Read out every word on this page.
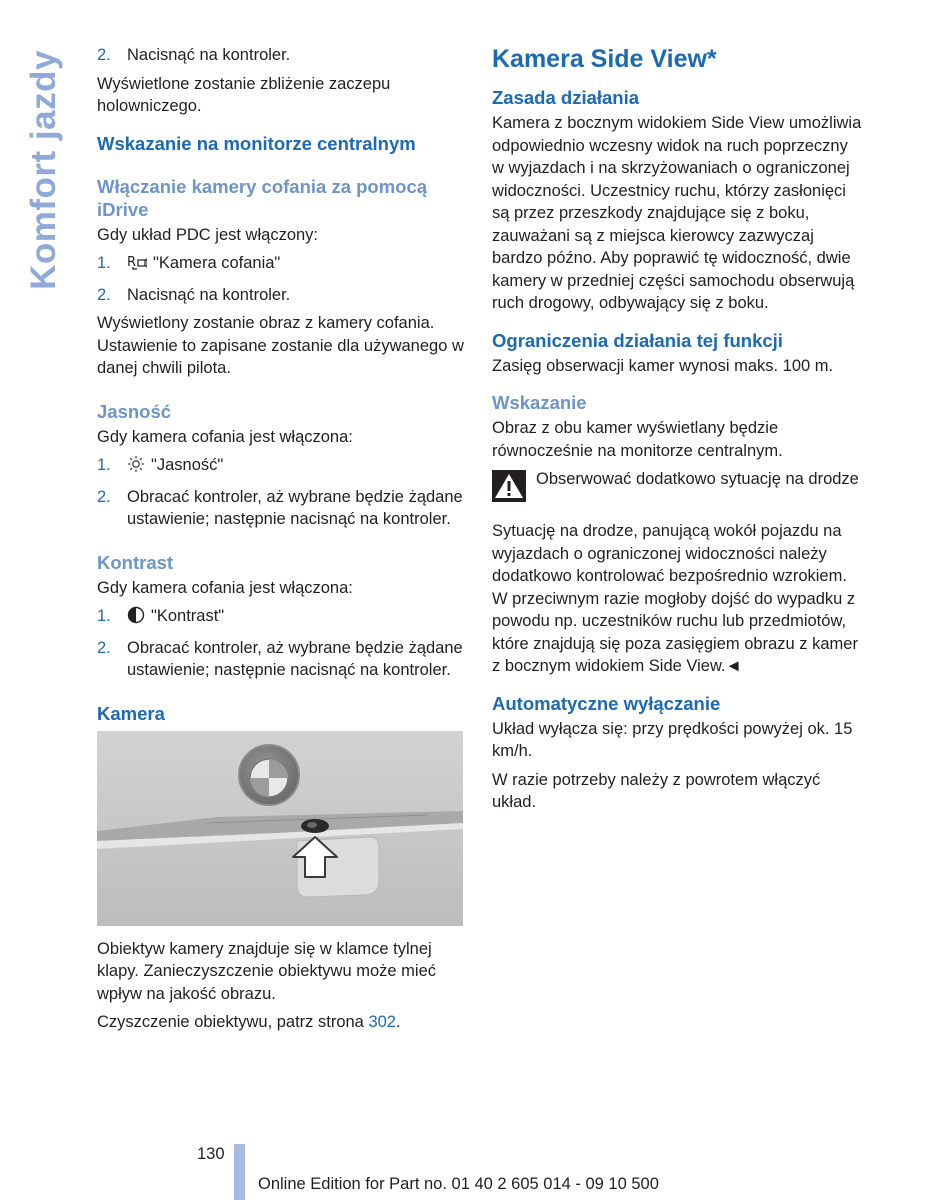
Komfort jazdy 2. Nacisnąć na kontroler.

Wyświetlone zostanie zbliżenie zaczepu holowniczego.

Wskazanie na monitorze centralnym
Włączanie kamery cofania za pomocą iDrive

Gdy układ PDC jest włączony:

1. R "Kamera cofania"
2. Nacisnąć na kontroler.

Wyświetlony zostanie obraz z kamery cofania. Ustawienie to zapisane zostanie dla używanego w danej chwili pilota.

Jasność

Gdy kamera cofania jest włączona:

1. "Jasność"
2. Obracać kontroler, aż wybrane będzie żądane ustawienie; następnie nacisnąć na kontroler.
Kontrast

Gdy kamera cofania jest włączona:

1. "Kontrast"
2. Obracać kontroler, aż wybrane będzie żądane ustawienie; następnie nacisnąć na kontroler.
Kamera

Obiektyw kamery znajduje się w klamce tylnej klapy. Zanieczyszczenie obiektywu może mieć wpływ na jakość obrazu.

Czyszczenie obiektywu, patrz strona 302.

Kamera Side View*
Zasada działania

Kamera z bocznym widokiem Side View umożliwia odpowiednio wczesny widok na ruch poprzeczny w wyjazdach i na skrzyżowaniach o ograniczonej widoczności. Uczestnicy ruchu, którzy zasłonięci są przez przeszkody znajdujące się z boku, zauważani są z miejsca kierowcy zazwyczaj bardzo późno. Aby poprawić tę widoczność, dwie kamery w przedniej części samochodu obserwują ruch drogowy, odbywający się z boku.

Ograniczenia działania tej funkcji

Zasięg obserwacji kamer wynosi maks. 100 m.

Wskazanie

Obraz z obu kamer wyświetlany będzie równocześnie na monitorze centralnym.

Obserwować dodatkowo sytuację na drodze

Sytuację na drodze, panującą wokół pojazdu na wyjazdach o ograniczonej widoczności należy dodatkowo kontrolować bezpośrednio wzrokiem. W przeciwnym razie mogłoby dojść do wypadku z powodu np. uczestników ruchu lub przedmiotów, które znajdują się poza zasięgiem obrazu z kamer z bocznym widokiem Side View.◄

Automatyczne wyłączanie

Układ wyłącza się: przy prędkości powyżej ok. 15 km/h.

W razie potrzeby należy z powrotem włączyć układ.

130
Online Edition for Part no. 01 40 2 605 014 - 09 10 500
